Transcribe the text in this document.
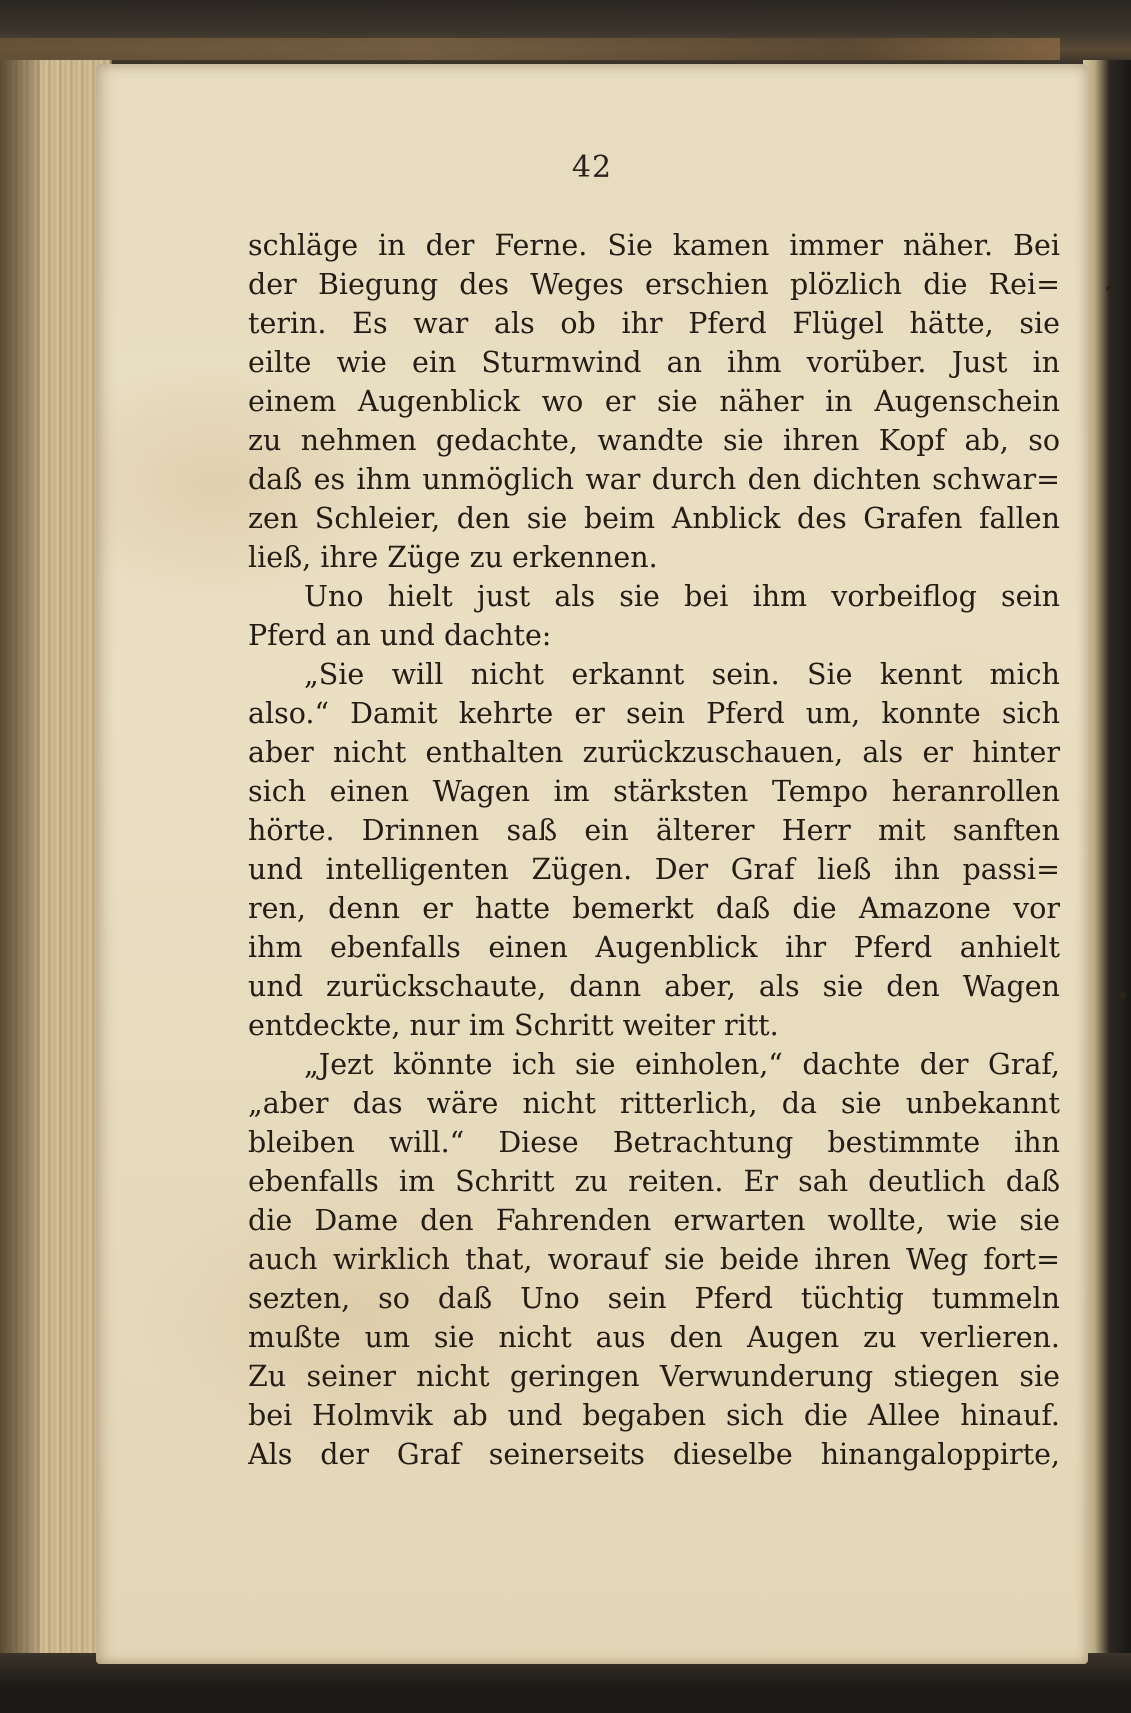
42
schläge in der Ferne. Sie kamen immer näher. Bei
der Biegung des Weges erschien plözlich die Rei=
terin. Es war als ob ihr Pferd Flügel hätte, sie
eilte wie ein Sturmwind an ihm vorüber. Just in
einem Augenblick wo er sie näher in Augenschein
zu nehmen gedachte, wandte sie ihren Kopf ab, so
daß es ihm unmöglich war durch den dichten schwar=
zen Schleier, den sie beim Anblick des Grafen fallen
ließ, ihre Züge zu erkennen.
Uno hielt just als sie bei ihm vorbeiflog sein
Pferd an und dachte:
„Sie will nicht erkannt sein. Sie kennt mich
also.“ Damit kehrte er sein Pferd um, konnte sich
aber nicht enthalten zurückzuschauen, als er hinter
sich einen Wagen im stärksten Tempo heranrollen
hörte. Drinnen saß ein älterer Herr mit sanften
und intelligenten Zügen. Der Graf ließ ihn passi=
ren, denn er hatte bemerkt daß die Amazone vor
ihm ebenfalls einen Augenblick ihr Pferd anhielt
und zurückschaute, dann aber, als sie den Wagen
entdeckte, nur im Schritt weiter ritt.
„Jezt könnte ich sie einholen,“ dachte der Graf,
„aber das wäre nicht ritterlich, da sie unbekannt
bleiben will.“ Diese Betrachtung bestimmte ihn
ebenfalls im Schritt zu reiten. Er sah deutlich daß
die Dame den Fahrenden erwarten wollte, wie sie
auch wirklich that, worauf sie beide ihren Weg fort=
sezten, so daß Uno sein Pferd tüchtig tummeln
mußte um sie nicht aus den Augen zu verlieren.
Zu seiner nicht geringen Verwunderung stiegen sie
bei Holmvik ab und begaben sich die Allee hinauf.
Als der Graf seinerseits dieselbe hinangaloppirte,
